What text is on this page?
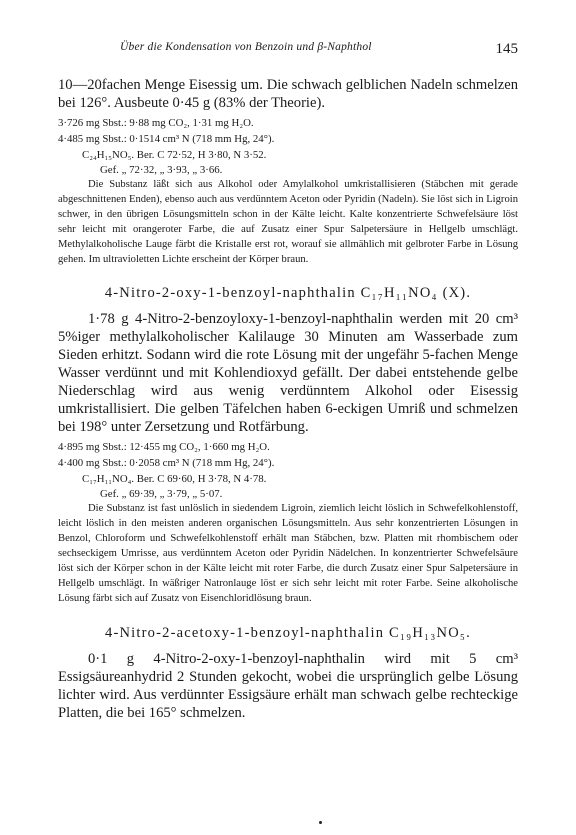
Über die Kondensation von Benzoin und β-Naphthol	145

10—20fachen Menge Eisessig um. Die schwach gelblichen Nadeln schmelzen bei 126°. Ausbeute 0·45 g (83% der Theorie).

3·726 mg Sbst.: 9·88 mg CO₂, 1·31 mg H₂O.

4·485 mg Sbst.: 0·1514 cm³ N (718 mm Hg, 24°).

C₂₄H₁₅NO₅. Ber. C 72·52, H 3·80, N 3·52.

Gef. „ 72·32, „ 3·93, „ 3·66.

Die Substanz läßt sich aus Alkohol oder Amylalkohol umkristallisieren (Stäbchen mit gerade abgeschnittenen Enden), ebenso auch aus verdünntem Aceton oder Pyridin (Nadeln). Sie löst sich in Ligroin schwer, in den übrigen Lösungsmitteln schon in der Kälte leicht. Kalte konzentrierte Schwefelsäure löst sehr leicht mit orangeroter Farbe, die auf Zusatz einer Spur Salpetersäure in Hellgelb umschlägt. Methylalkoholische Lauge färbt die Kristalle erst rot, worauf sie allmählich mit gelbroter Farbe in Lösung gehen. Im ultravioletten Lichte erscheint der Körper braun.

4-Nitro-2-oxy-1-benzoyl-naphthalin C₁₇H₁₁NO₄ (X).

1·78 g 4-Nitro-2-benzoyloxy-1-benzoyl-naphthalin werden mit 20 cm³ 5%iger methylalkoholischer Kalilauge 30 Minuten am Wasserbade zum Sieden erhitzt. Sodann wird die rote Lösung mit der ungefähr 5-fachen Menge Wasser verdünnt und mit Kohlendioxyd gefällt. Der dabei entstehende gelbe Niederschlag wird aus wenig verdünntem Alkohol oder Eisessig umkristallisiert. Die gelben Täfelchen haben 6-eckigen Umriß und schmelzen bei 198° unter Zersetzung und Rotfärbung.

4·895 mg Sbst.: 12·455 mg CO₂, 1·660 mg H₂O.

4·400 mg Sbst.: 0·2058 cm³ N (718 mm Hg, 24°).

C₁₇H₁₁NO₄. Ber. C 69·60, H 3·78, N 4·78.

Gef. „ 69·39, „ 3·79, „ 5·07.

Die Substanz ist fast unlöslich in siedendem Ligroin, ziemlich leicht löslich in Schwefelkohlenstoff, leicht löslich in den meisten anderen organischen Lösungsmitteln. Aus sehr konzentrierten Lösungen in Benzol, Chloroform und Schwefelkohlenstoff erhält man Stäbchen, bzw. Platten mit rhombischem oder sechseckigem Umrisse, aus verdünntem Aceton oder Pyridin Nädelchen. In konzentrierter Schwefelsäure löst sich der Körper schon in der Kälte leicht mit roter Farbe, die durch Zusatz einer Spur Salpetersäure in Hellgelb umschlägt. In wäßriger Natronlauge löst er sich sehr leicht mit roter Farbe. Seine alkoholische Lösung färbt sich auf Zusatz von Eisenchloridlösung braun.

4-Nitro-2-acetoxy-1-benzoyl-naphthalin C₁₉H₁₃NO₅.

0·1 g 4-Nitro-2-oxy-1-benzoyl-naphthalin wird mit 5 cm³ Essigsäureanhydrid 2 Stunden gekocht, wobei die ursprünglich gelbe Lösung lichter wird. Aus verdünnter Essigsäure erhält man schwach gelbe rechteckige Platten, die bei 165° schmelzen.
